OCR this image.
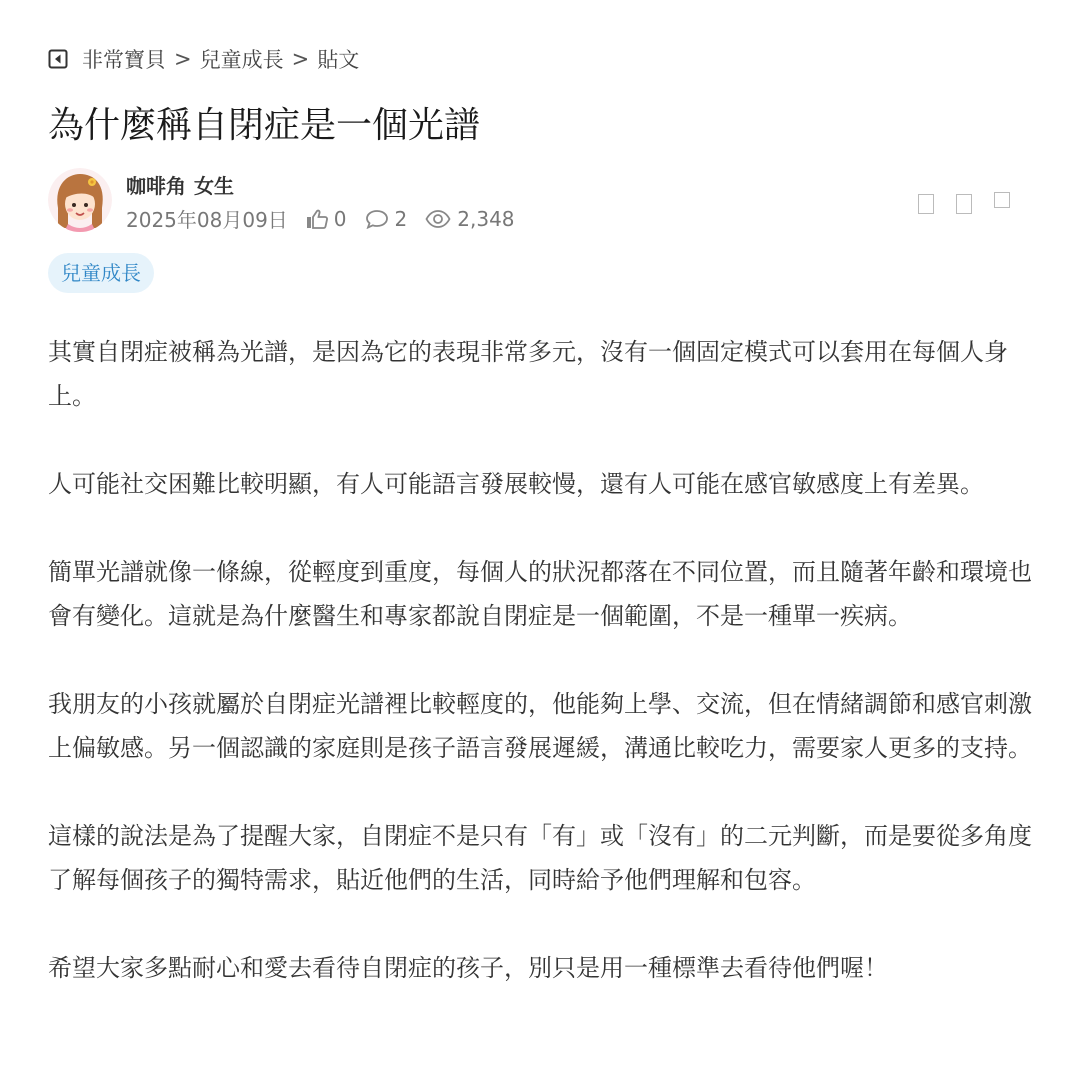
非常寶貝 > 兒童成長 > 貼文
為什麼稱自閉症是一個光譜
咖啡角 女生
2025年08月09日 0 2	2,348
兒童成長

其實自閉症被稱為光譜，是因為它的表現非常多元，沒有一個固定模式可以套用在每個人身上。

人可能社交困難比較明顯，有人可能語言發展較慢，還有人可能在感官敏感度上有差異。

簡單光譜就像一條線，從輕度到重度，每個人的狀況都落在不同位置，而且隨著年齡和環境也會有變化。這就是為什麼醫生和專家都說自閉症是一個範圍，不是一種單一疾病。

我朋友的小孩就屬於自閉症光譜裡比較輕度的，他能夠上學、交流，但在情緒調節和感官刺激上偏敏感。另一個認識的家庭則是孩子語言發展遲緩，溝通比較吃力，需要家人更多的支持。

這樣的說法是為了提醒大家，自閉症不是只有「有」或「沒有」的二元判斷，而是要從多角度了解每個孩子的獨特需求，貼近他們的生活，同時給予他們理解和包容。

希望大家多點耐心和愛去看待自閉症的孩子，別只是用一種標準去看待他們喔！
